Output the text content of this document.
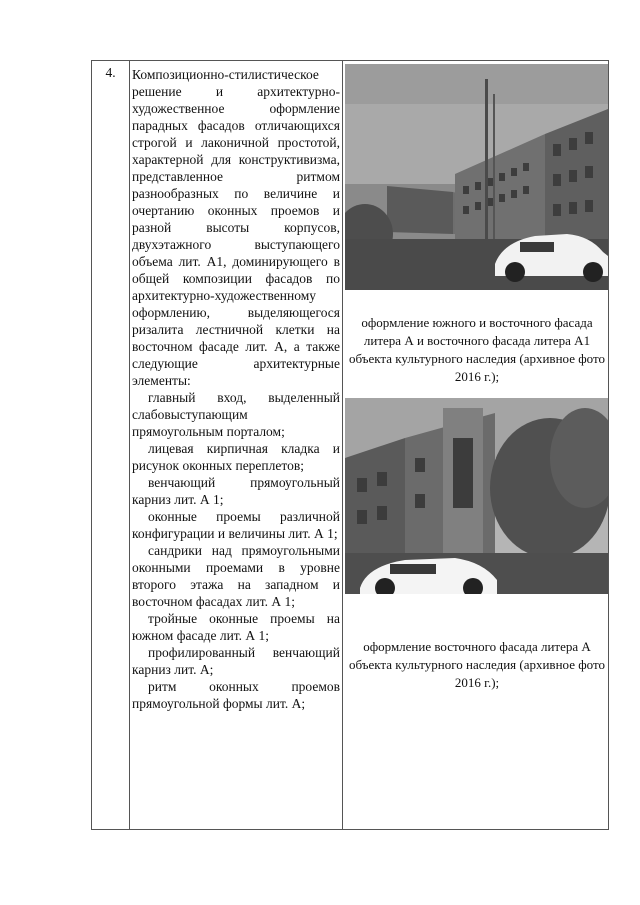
4.	Композиционно-стилистическое решение и архитектурно-художественное оформление парадных фасадов отличающихся строгой и лаконичной простотой, характерной для конструктивизма, представленное ритмом разнообразных по величине и очертанию оконных проемов и разной высоты корпусов, двухэтажного выступающего объема лит. А1, доминирующего в общей композиции фасадов по архитектурно-художественному оформлению, выделяющегося ризалита лестничной клетки на восточном фасаде лит. А, а также следующие архитектурные элементы:

главный вход, выделенный слабовыступающим прямоугольным порталом;

лицевая кирпичная кладка и рисунок оконных переплетов;

венчающий прямоугольный карниз лит. А 1;

оконные проемы различной конфигурации и величины лит. А 1;

сандрики над прямоугольными оконными проемами в уровне второго этажа на западном и восточном фасадах лит. А 1;

тройные оконные проемы на южном фасаде лит. А 1;

профилированный венчающий карниз лит. А;

ритм оконных проемов прямоугольной формы лит. А;

оформление южного и восточного фасада литера А и восточного фасада литера А1 объекта культурного наследия (архивное фото 2016 г.);
оформление восточного фасада литера А объекта культурного наследия (архивное фото 2016 г.);
